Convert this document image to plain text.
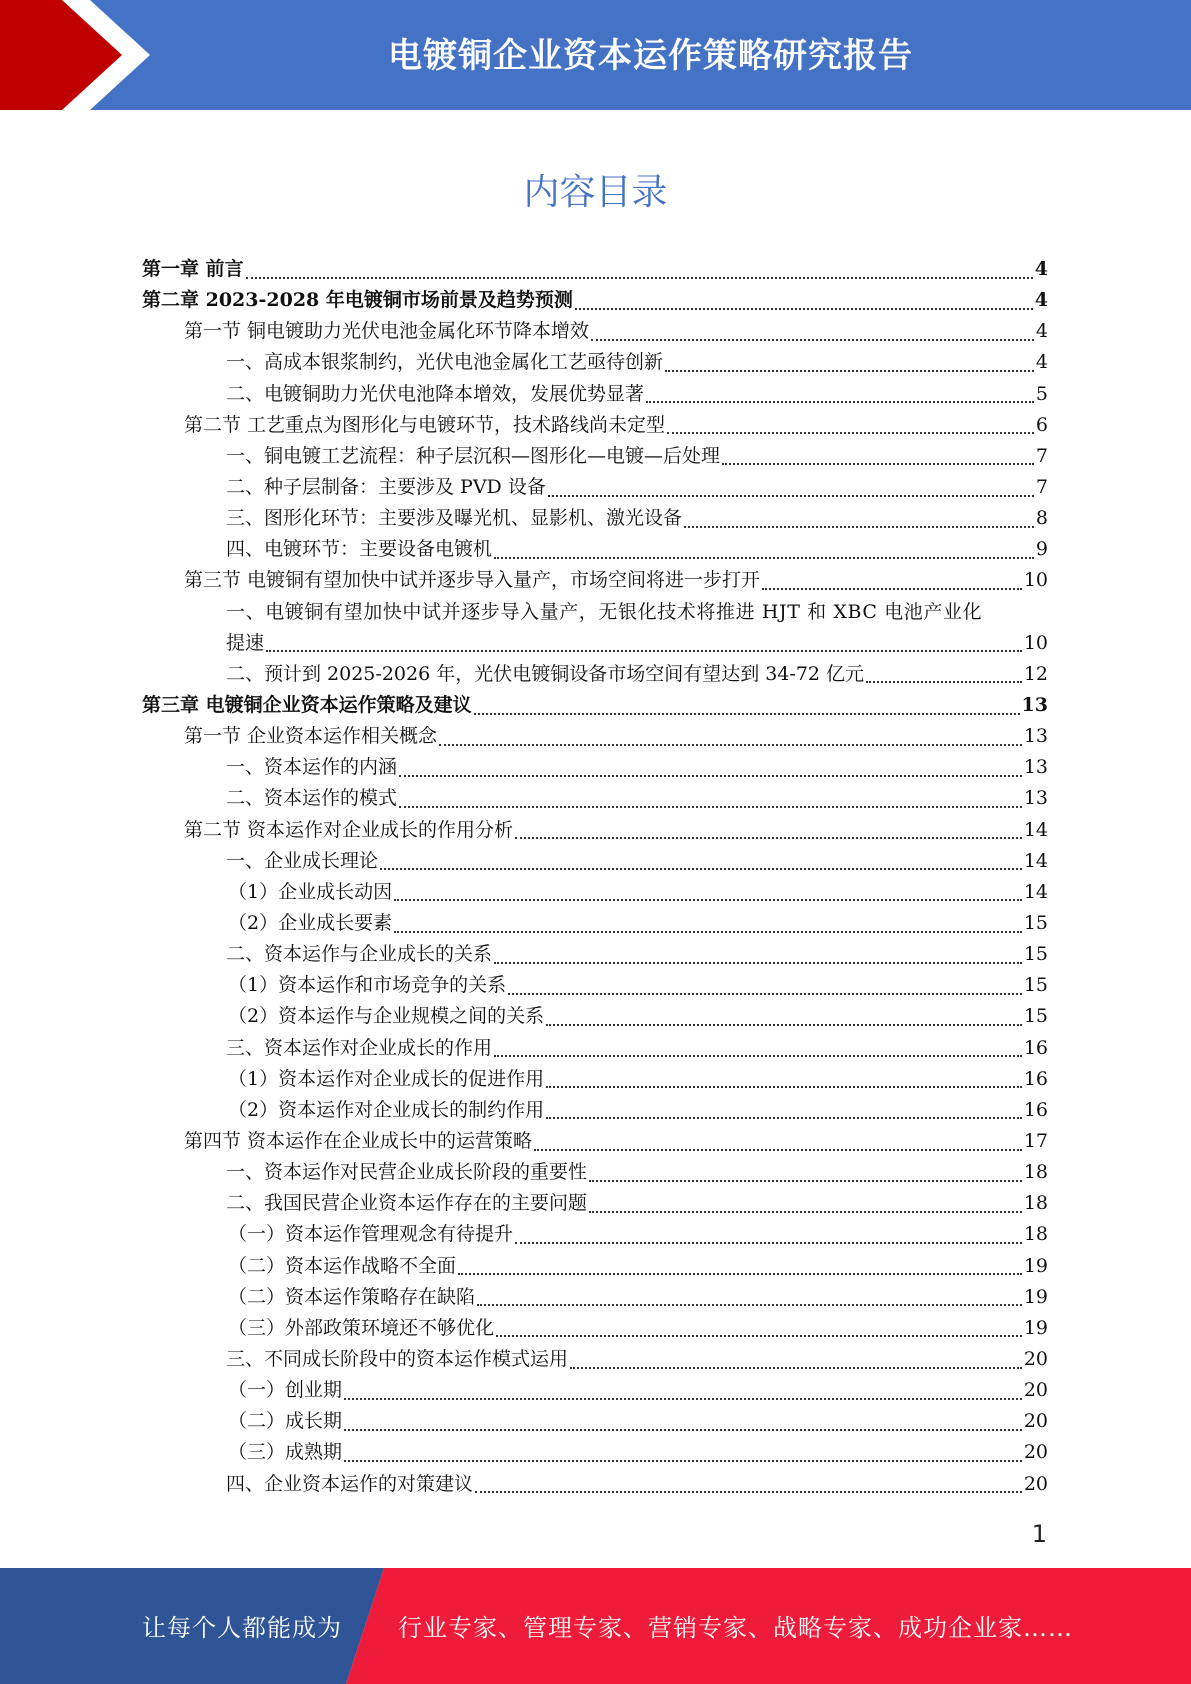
电镀铜企业资本运作策略研究报告
内容目录
第一章 前言	4
第二章 2023-2028 年电镀铜市场前景及趋势预测	4
第一节 铜电镀助力光伏电池金属化环节降本增效	4
一、高成本银浆制约，光伏电池金属化工艺亟待创新	4
二、电镀铜助力光伏电池降本增效，发展优势显著	5
第二节 工艺重点为图形化与电镀环节，技术路线尚未定型	6
一、铜电镀工艺流程：种子层沉积—图形化—电镀—后处理	7
二、种子层制备：主要涉及 PVD 设备	7
三、图形化环节：主要涉及曝光机、显影机、激光设备	8
四、电镀环节：主要设备电镀机	9
第三节 电镀铜有望加快中试并逐步导入量产，市场空间将进一步打开	10
一、电镀铜有望加快中试并逐步导入量产，无银化技术将推进 HJT 和 XBC 电池产业化
提速	10
二、预计到 2025-2026 年，光伏电镀铜设备市场空间有望达到 34-72 亿元	12
第三章 电镀铜企业资本运作策略及建议	13
第一节 企业资本运作相关概念	13
一、资本运作的内涵	13
二、资本运作的模式	13
第二节 资本运作对企业成长的作用分析	14
一、企业成长理论	14
（1）企业成长动因	14
（2）企业成长要素	15
二、资本运作与企业成长的关系	15
（1）资本运作和市场竞争的关系	15
（2）资本运作与企业规模之间的关系	15
三、资本运作对企业成长的作用	16
（1）资本运作对企业成长的促进作用	16
（2）资本运作对企业成长的制约作用	16
第四节 资本运作在企业成长中的运营策略	17
一、资本运作对民营企业成长阶段的重要性	18
二、我国民营企业资本运作存在的主要问题	18
（一）资本运作管理观念有待提升	18
（二）资本运作战略不全面	19
（二）资本运作策略存在缺陷	19
（三）外部政策环境还不够优化	19
三、不同成长阶段中的资本运作模式运用	20
（一）创业期	20
（二）成长期	20
（三）成熟期	20
四、企业资本运作的对策建议	20
1
让每个人都能成为 行业专家、管理专家、营销专家、战略专家、成功企业家……
